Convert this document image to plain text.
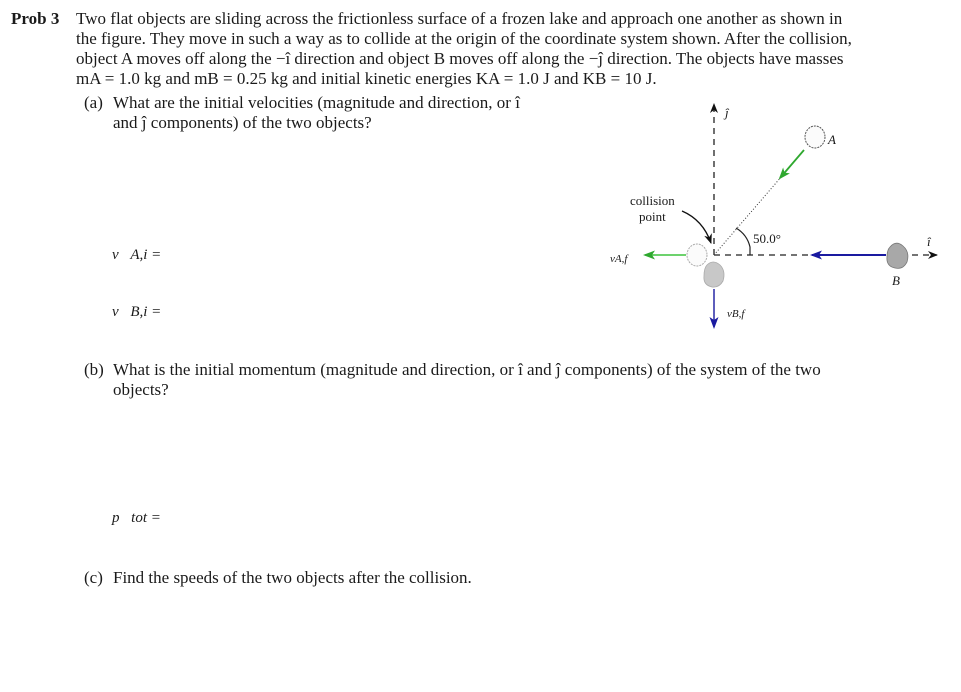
Prob 3 Two flat objects are sliding across the frictionless surface of a frozen lake and approach one another as shown in
the figure. They move in such a way as to collide at the origin of the coordinate system shown. After the collision,
object A moves off along the −î direction and object B moves off along the −ĵ direction. The objects have masses
mA = 1.0 kg and mB = 0.25 kg and initial kinetic energies KA = 1.0 J and KB = 10 J.
(a) What are the initial velocities (magnitude and direction, or î
and ĵ components) of the two objects?
v⃗A,i =
v⃗B,i =
(b) What is the initial momentum (magnitude and direction, or î and ĵ components) of the system of the two
objects?
p⃗tot =
(c) Find the speeds of the two objects after the collision.
ĵ
î
A
B
collision
point
50.0°
vA,f
vB,f
